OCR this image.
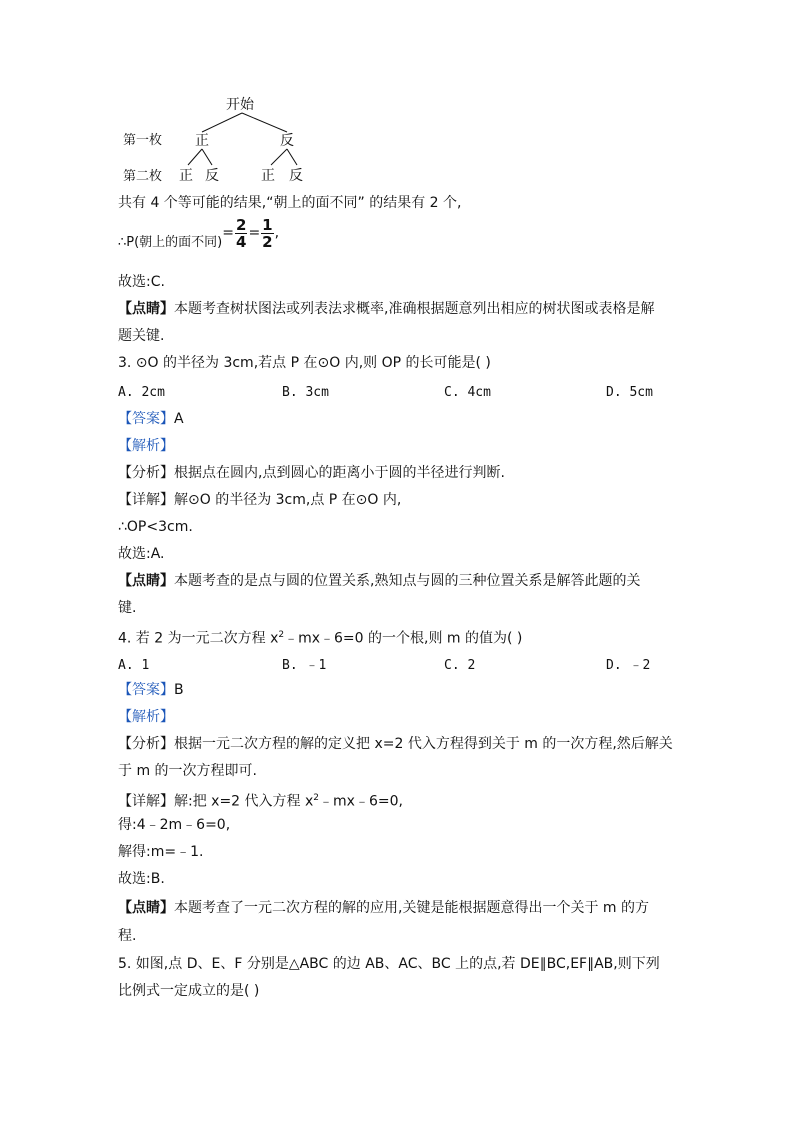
开始
第一枚
第二枚
正	反
正 反	正 反
共有 4 个等可能的结果,“朝上的面不同” 的结果有 2 个,
∴P(朝上的面不同)= $\frac{2}{4} = \frac{1}{2}$ ,
故选:C.
【点睛】本题考查树状图法或列表法求概率,准确根据题意列出相应的树状图或表格是解
题关键.
3. ⊙O 的半径为 3cm,若点 P 在⊙O 内,则 OP 的长可能是( )
A. 2cm	B. 3cm	C. 4cm	D. 5cm
【答案】A
【解析】
【分析】根据点在圆内,点到圆心的距离小于圆的半径进行判断.
【详解】解⊙O 的半径为 3cm,点 P 在⊙O 内,
∴OP<3cm.
故选:A.
【点睛】本题考查的是点与圆的位置关系,熟知点与圆的三种位置关系是解答此题的关
键.
4. 若 2 为一元二次方程 $x^2﹣mx﹣6=0$ 的一个根,则 m 的值为( )
A. 1	B. ﹣1	C. 2	D. ﹣2
【答案】B
【解析】
【分析】根据一元二次方程的解的定义把 x=2 代入方程得到关于 m 的一次方程,然后解关
于 m 的一次方程即可.
【详解】解:把 x=2 代入方程 $x^2﹣mx﹣6=0$,
得:4﹣2m﹣6=0,
解得:m=﹣1.
故选:B.
【点睛】本题考查了一元二次方程的解的应用,关键是能根据题意得出一个关于 m 的方
程.
5. 如图,点 D、E、F 分别是△ABC 的边 AB、AC、BC 上的点,若 DE∥BC,EF∥AB,则下列
比例式一定成立的是( )
